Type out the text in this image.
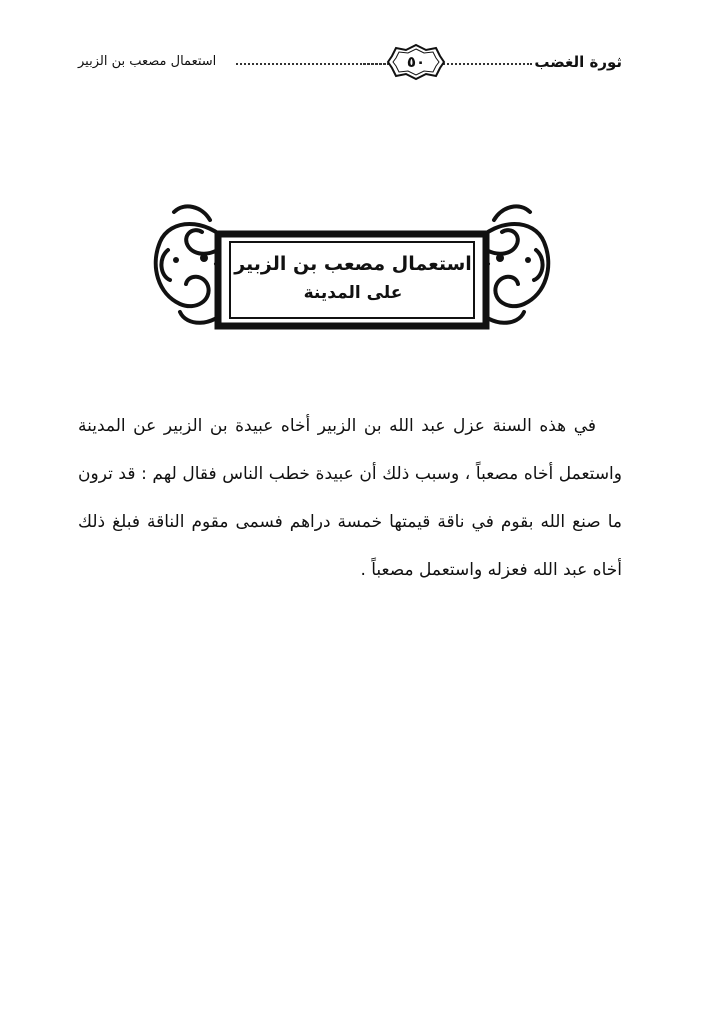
ثورة الغضب
٥٠
استعمال مصعب بن الزبير
استعمال مصعب بن الزبير
على المدينة

في هذه السنة عزل عبد الله بن الزبير أخاه عبيدة بن الزبير عن المدينة واستعمل أخاه مصعباً ، وسبب ذلك أن عبيدة خطب الناس فقال لهم : قد ترون ما صنع الله بقوم في ناقة قيمتها خمسة دراهم فسمى مقوم الناقة فبلغ ذلك أخاه عبد الله فعزله واستعمل مصعباً .
